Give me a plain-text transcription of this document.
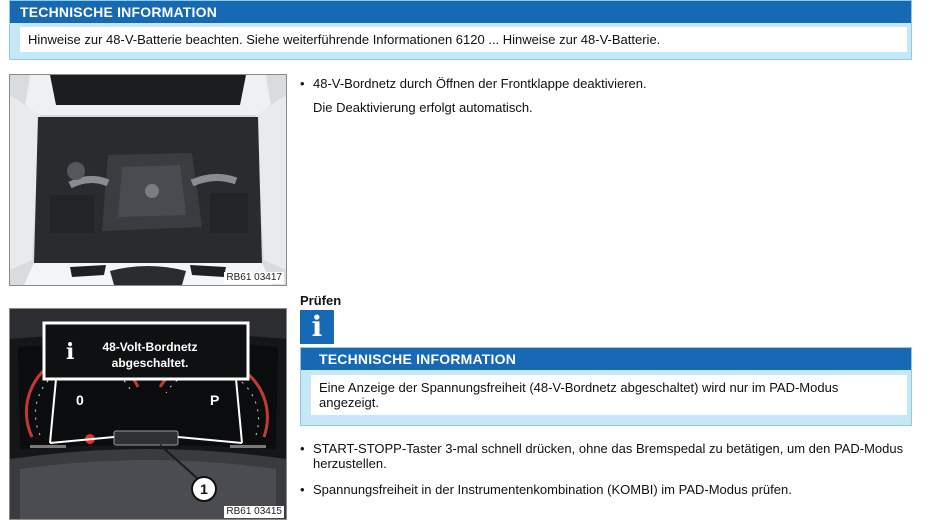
TECHNISCHE INFORMATION
Hinweise zur 48-V-Batterie beachten. Siehe weiterführende Informationen 6120 ... Hinweise zur 48-V-Batterie.
RB61 03417
• 48-V-Bordnetz durch Öffnen der Frontklappe deaktivieren.
Die Deaktivierung erfolgt automatisch.
0	P
i 48-Volt-Bordnetz
abgeschaltet.
1
RB61 03415
Prüfen
i
TECHNISCHE INFORMATION
Eine Anzeige der Spannungsfreiheit (48-V-Bordnetz abgeschaltet) wird nur im PAD-Modus angezeigt.
• START-STOPP-Taster 3-mal schnell drücken, ohne das Bremspedal zu betätigen, um den PAD-Modus herzustellen.
• Spannungsfreiheit in der Instrumentenkombination (KOMBI) im PAD-Modus prüfen.
